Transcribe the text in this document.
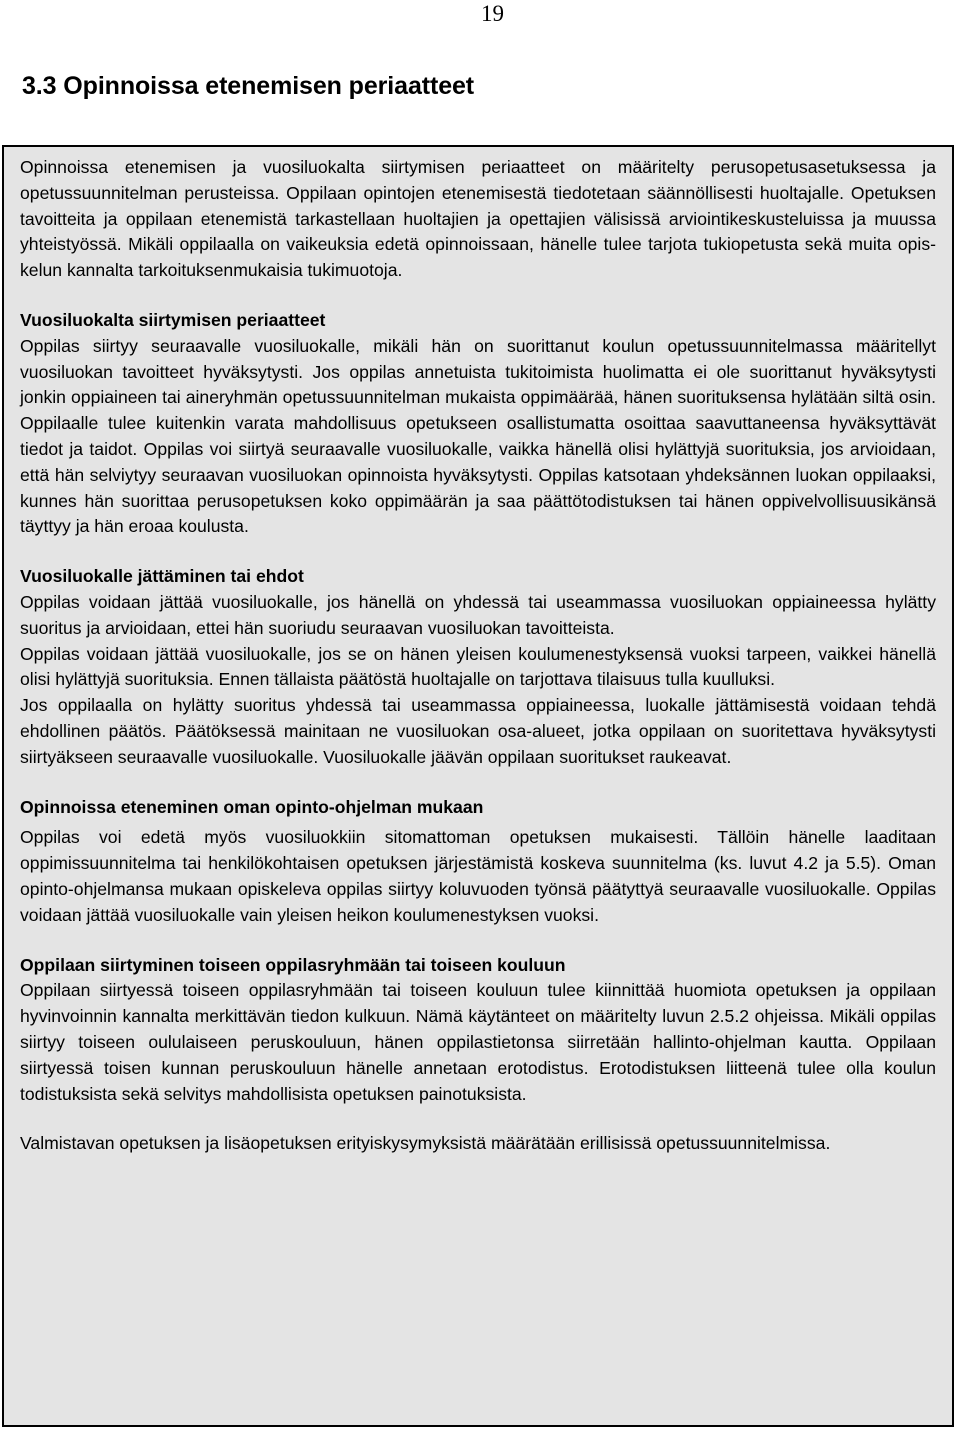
19
3.3 Opinnoissa etenemisen periaatteet

Opinnoissa etenemisen ja vuosiluokalta siirtymisen periaatteet on määritelty perusopetusasetuksessa ja opetussuunnitelman perusteissa. Oppilaan opintojen etenemisestä tiedotetaan säännöllisesti huoltajalle. Opetuksen tavoitteita ja oppilaan etenemistä tarkastellaan huoltajien ja opettajien välisissä arviointikeskusteluissa ja muussa yhteistyössä. Mikäli oppilaalla on vaikeuksia edetä opinnoissaan, hänelle tulee tarjota tukiopetusta sekä muita opiskelun kannalta tarkoituksenmukaisia tukimuotoja.

Vuosiluokalta siirtymisen periaatteet

Oppilas siirtyy seuraavalle vuosiluokalle, mikäli hän on suorittanut koulun opetussuunnitelmassa määritellyt vuosiluokan tavoitteet hyväksytysti. Jos oppilas annetuista tukitoimista huolimatta ei ole suorittanut hyväksytysti jonkin oppiaineen tai aineryhmän opetussuunnitelman mukaista oppimäärää, hänen suorituksensa hylätään siltä osin. Oppilaalle tulee kuitenkin varata mahdollisuus opetukseen osallistumatta osoittaa saavuttaneensa hyväksyttävät tiedot ja taidot. Oppilas voi siirtyä seuraavalle vuosiluokalle, vaikka hänellä olisi hylättyjä suorituksia, jos arvioidaan, että hän selviytyy seuraavan vuosiluokan opinnoista hyväksytysti. Oppilas katsotaan yhdeksännen luokan oppilaaksi, kunnes hän suorittaa perusopetuksen koko oppimäärän ja saa päättötodistuksen tai hänen oppivelvollisuusikänsä täyttyy ja hän eroaa koulusta.

Vuosiluokalle jättäminen tai ehdot

Oppilas voidaan jättää vuosiluokalle, jos hänellä on yhdessä tai useammassa vuosiluokan oppiaineessa hylätty suoritus ja arvioidaan, ettei hän suoriudu seuraavan vuosiluokan tavoitteista.

Oppilas voidaan jättää vuosiluokalle, jos se on hänen yleisen koulumenestyksensä vuoksi tarpeen, vaikkei hänellä olisi hylättyjä suorituksia. Ennen tällaista päätöstä huoltajalle on tarjottava tilaisuus tulla kuulluksi.

Jos oppilaalla on hylätty suoritus yhdessä tai useammassa oppiaineessa, luokalle jättämisestä voidaan tehdä ehdollinen päätös. Päätöksessä mainitaan ne vuosiluokan osa-alueet, jotka oppilaan on suoritettava hyväksytysti siirtyäkseen seuraavalle vuosiluokalle. Vuosiluokalle jäävän oppilaan suoritukset raukeavat.

Opinnoissa eteneminen oman opinto-ohjelman mukaan

Oppilas voi edetä myös vuosiluokkiin sitomattoman opetuksen mukaisesti. Tällöin hänelle laaditaan oppimissuunnitelma tai henkilökohtaisen opetuksen järjestämistä koskeva suunnitelma (ks. luvut 4.2 ja 5.5). Oman opinto-ohjelmansa mukaan opiskeleva oppilas siirtyy koluvuoden työnsä päätyttyä seuraavalle vuosiluokalle. Oppilas voidaan jättää vuosiluokalle vain yleisen heikon koulumenestyksen vuoksi.

Oppilaan siirtyminen toiseen oppilasryhmään tai toiseen kouluun

Oppilaan siirtyessä toiseen oppilasryhmään tai toiseen kouluun tulee kiinnittää huomiota opetuksen ja oppilaan hyvinvoinnin kannalta merkittävän tiedon kulkuun. Nämä käytänteet on määritelty luvun 2.5.2 ohjeissa. Mikäli oppilas siirtyy toiseen oululaiseen peruskouluun, hänen oppilastietonsa siirretään hallinto-ohjelman kautta. Oppilaan siirtyessä toisen kunnan peruskouluun hänelle annetaan erotodistus. Erotodistuksen liitteenä tulee olla koulun todistuksista sekä selvitys mahdollisista opetuksen painotuksista.

Valmistavan opetuksen ja lisäopetuksen erityiskysymyksistä määrätään erillisissä opetussuunnitelmissa.
